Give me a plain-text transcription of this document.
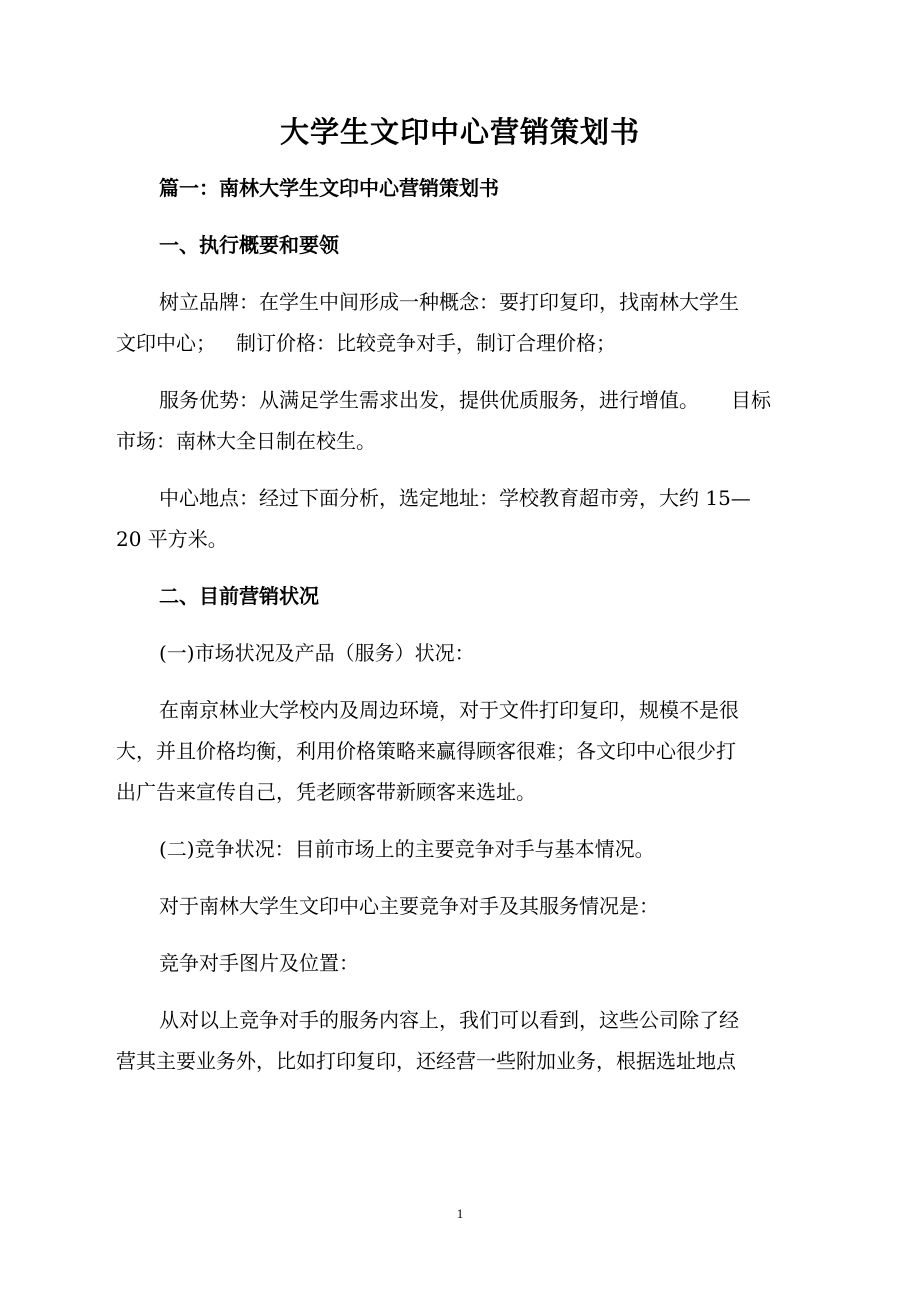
大学生文印中心营销策划书

篇一：南林大学生文印中心营销策划书

一、执行概要和要领

树立品牌：在学生中间形成一种概念：要打印复印，找南林大学生
文印中心； 制订价格：比较竞争对手，制订合理价格；

服务优势：从满足学生需求出发，提供优质服务，进行增值。 目标
市场：南林大全日制在校生。

中心地点：经过下面分析，选定地址：学校教育超市旁，大约 15—
20 平方米。

二、目前营销状况

(一)市场状况及产品（服务）状况：

在南京林业大学校内及周边环境，对于文件打印复印，规模不是很
大，并且价格均衡，利用价格策略来赢得顾客很难；各文印中心很少打
出广告来宣传自己，凭老顾客带新顾客来选址。

(二)竞争状况：目前市场上的主要竞争对手与基本情况。

对于南林大学生文印中心主要竞争对手及其服务情况是：

竞争对手图片及位置：

从对以上竞争对手的服务内容上，我们可以看到，这些公司除了经
营其主要业务外，比如打印复印，还经营一些附加业务，根据选址地点

1
